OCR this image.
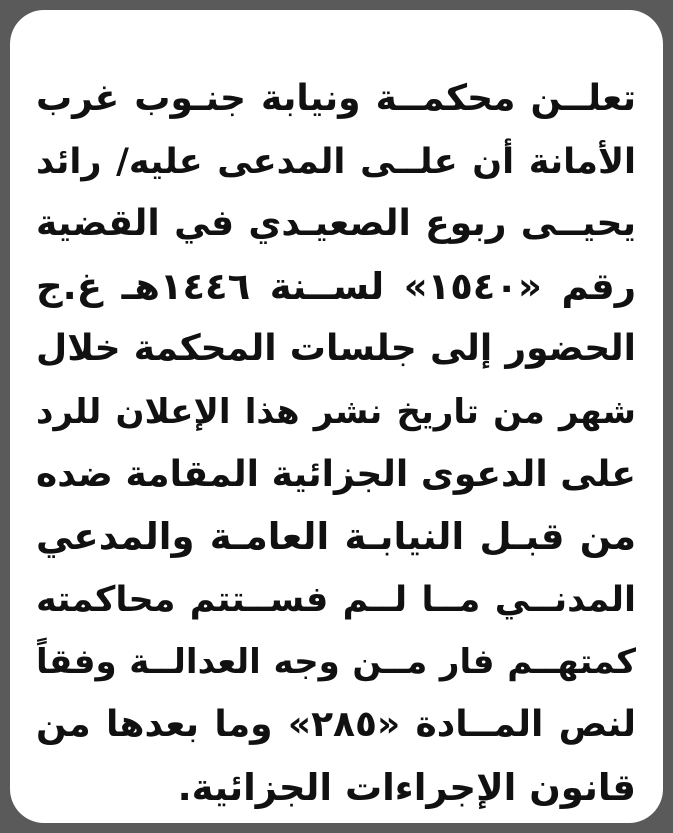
تعلــن محكمــة ونيابة جنـوب غرب
الأمانة أن علــى المدعى عليه/ رائد
يحيــى ربوع الصعيـدي في القضية
رقم «١٥٤٠» لســنة ١٤٤٦هـ غ.ج
الحضور إلى جلسات المحكمة خلال
شهر من تاريخ نشر هذا الإعلان للرد
على الدعوى الجزائية المقامة ضده
من قبـل النيابـة العامـة والمدعي
المدنــي مــا لــم فســتتم محاكمته
كمتهــم فار مــن وجه العدالــة وفقاً
لنص المــادة «٢٨٥» وما بعدها من
قانون الإجراءات الجزائية.
